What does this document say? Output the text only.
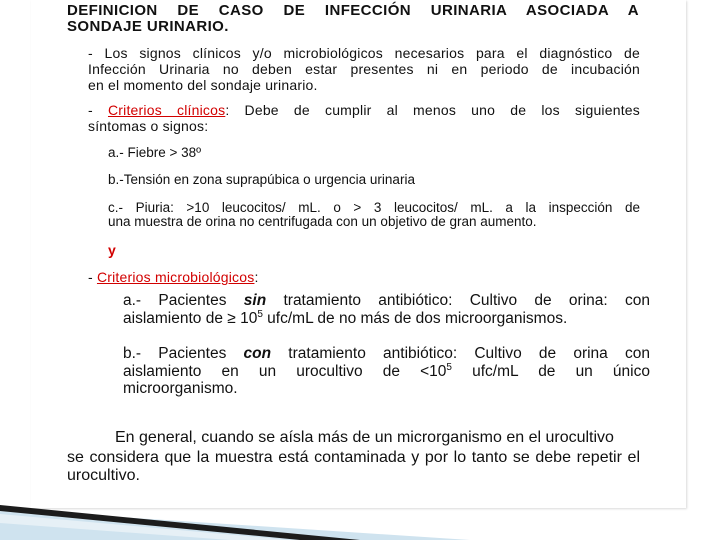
DEFINICION DE CASO DE INFECCIÓN URINARIA ASOCIADA A

SONDAJE URINARIO.

- Los signos clínicos y/o microbiológicos necesarios para el diagnóstico de

Infección Urinaria no deben estar presentes ni en periodo de incubación

en el momento del sondaje urinario.

- Criterios clínicos: Debe de cumplir al menos uno de los siguientes

síntomas o signos:

a.- Fiebre > 38º

b.-Tensión en zona suprapúbica o urgencia urinaria

c.- Piuria: >10 leucocitos/ mL. o > 3 leucocitos/ mL. a la inspección de

una muestra de orina no centrifugada con un objetivo de gran aumento.

y

- Criterios microbiológicos:

a.- Pacientes sin tratamiento antibiótico: Cultivo de orina: con

aislamiento de ≥ $10^5$ ufc/mL de no más de dos microorganismos.

b.- Pacientes con tratamiento antibiótico: Cultivo de orina con

aislamiento en un urocultivo de $<10^5$ ufc/mL de un único

microorganismo.

En general, cuando se aísla más de un microrganismo en el urocultivo

se considera que la muestra está contaminada y por lo tanto se debe repetir el

urocultivo.
